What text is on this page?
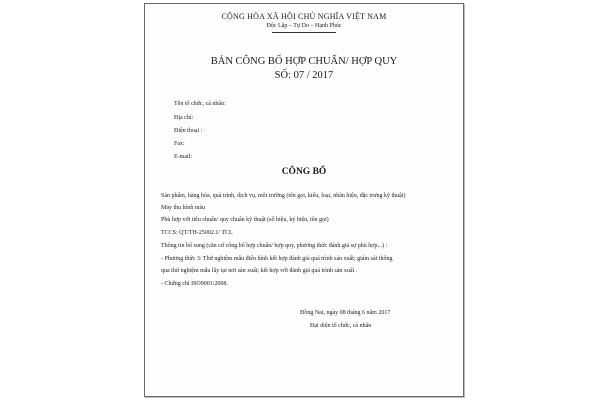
CỘNG HÒA XÃ HỘI CHỦ NGHĨA VIỆT NAM
Độc Lập – Tự Do – Hạnh Phúc
BẢN CÔNG BỐ HỢP CHUẨN/ HỢP QUY
SỐ: 07 / 2017
Tên tổ chức, cá nhân:
Địa chỉ:
Điện thoại :
Fax:
E-mail:
CÔNG BỐ
Sản phẩm, hàng hóa, quá trình, dịch vụ, môi trường (tên gọi, kiểu, loại, nhãn hiệu, đặc trưng kỹ thuật)
Máy thu hình màu
Phù hợp với tiêu chuẩn/ quy chuẩn kỹ thuật (số hiệu, ký hiệu, tên gọi)
TCCS: QT/TH-25002.1/ TCL
Thông tin bổ sung (căn cứ công bố hợp chuẩn/ hợp quy, phương thức đánh giá sự phù hợp...) :
- Phương thức 3: Thử nghiệm mẫu điển hình kết hợp đánh giá quá trình sản xuất; giám sát thông
qua thử nghiệm mẫu lấy tại nơi sản xuất; kết hợp với đánh giá quá trình sản xuất .
- Chứng chỉ ISO9001:2008.
Đồng Nai, ngày 08 tháng 6 năm 2017
Đại diện tổ chức, cá nhân
